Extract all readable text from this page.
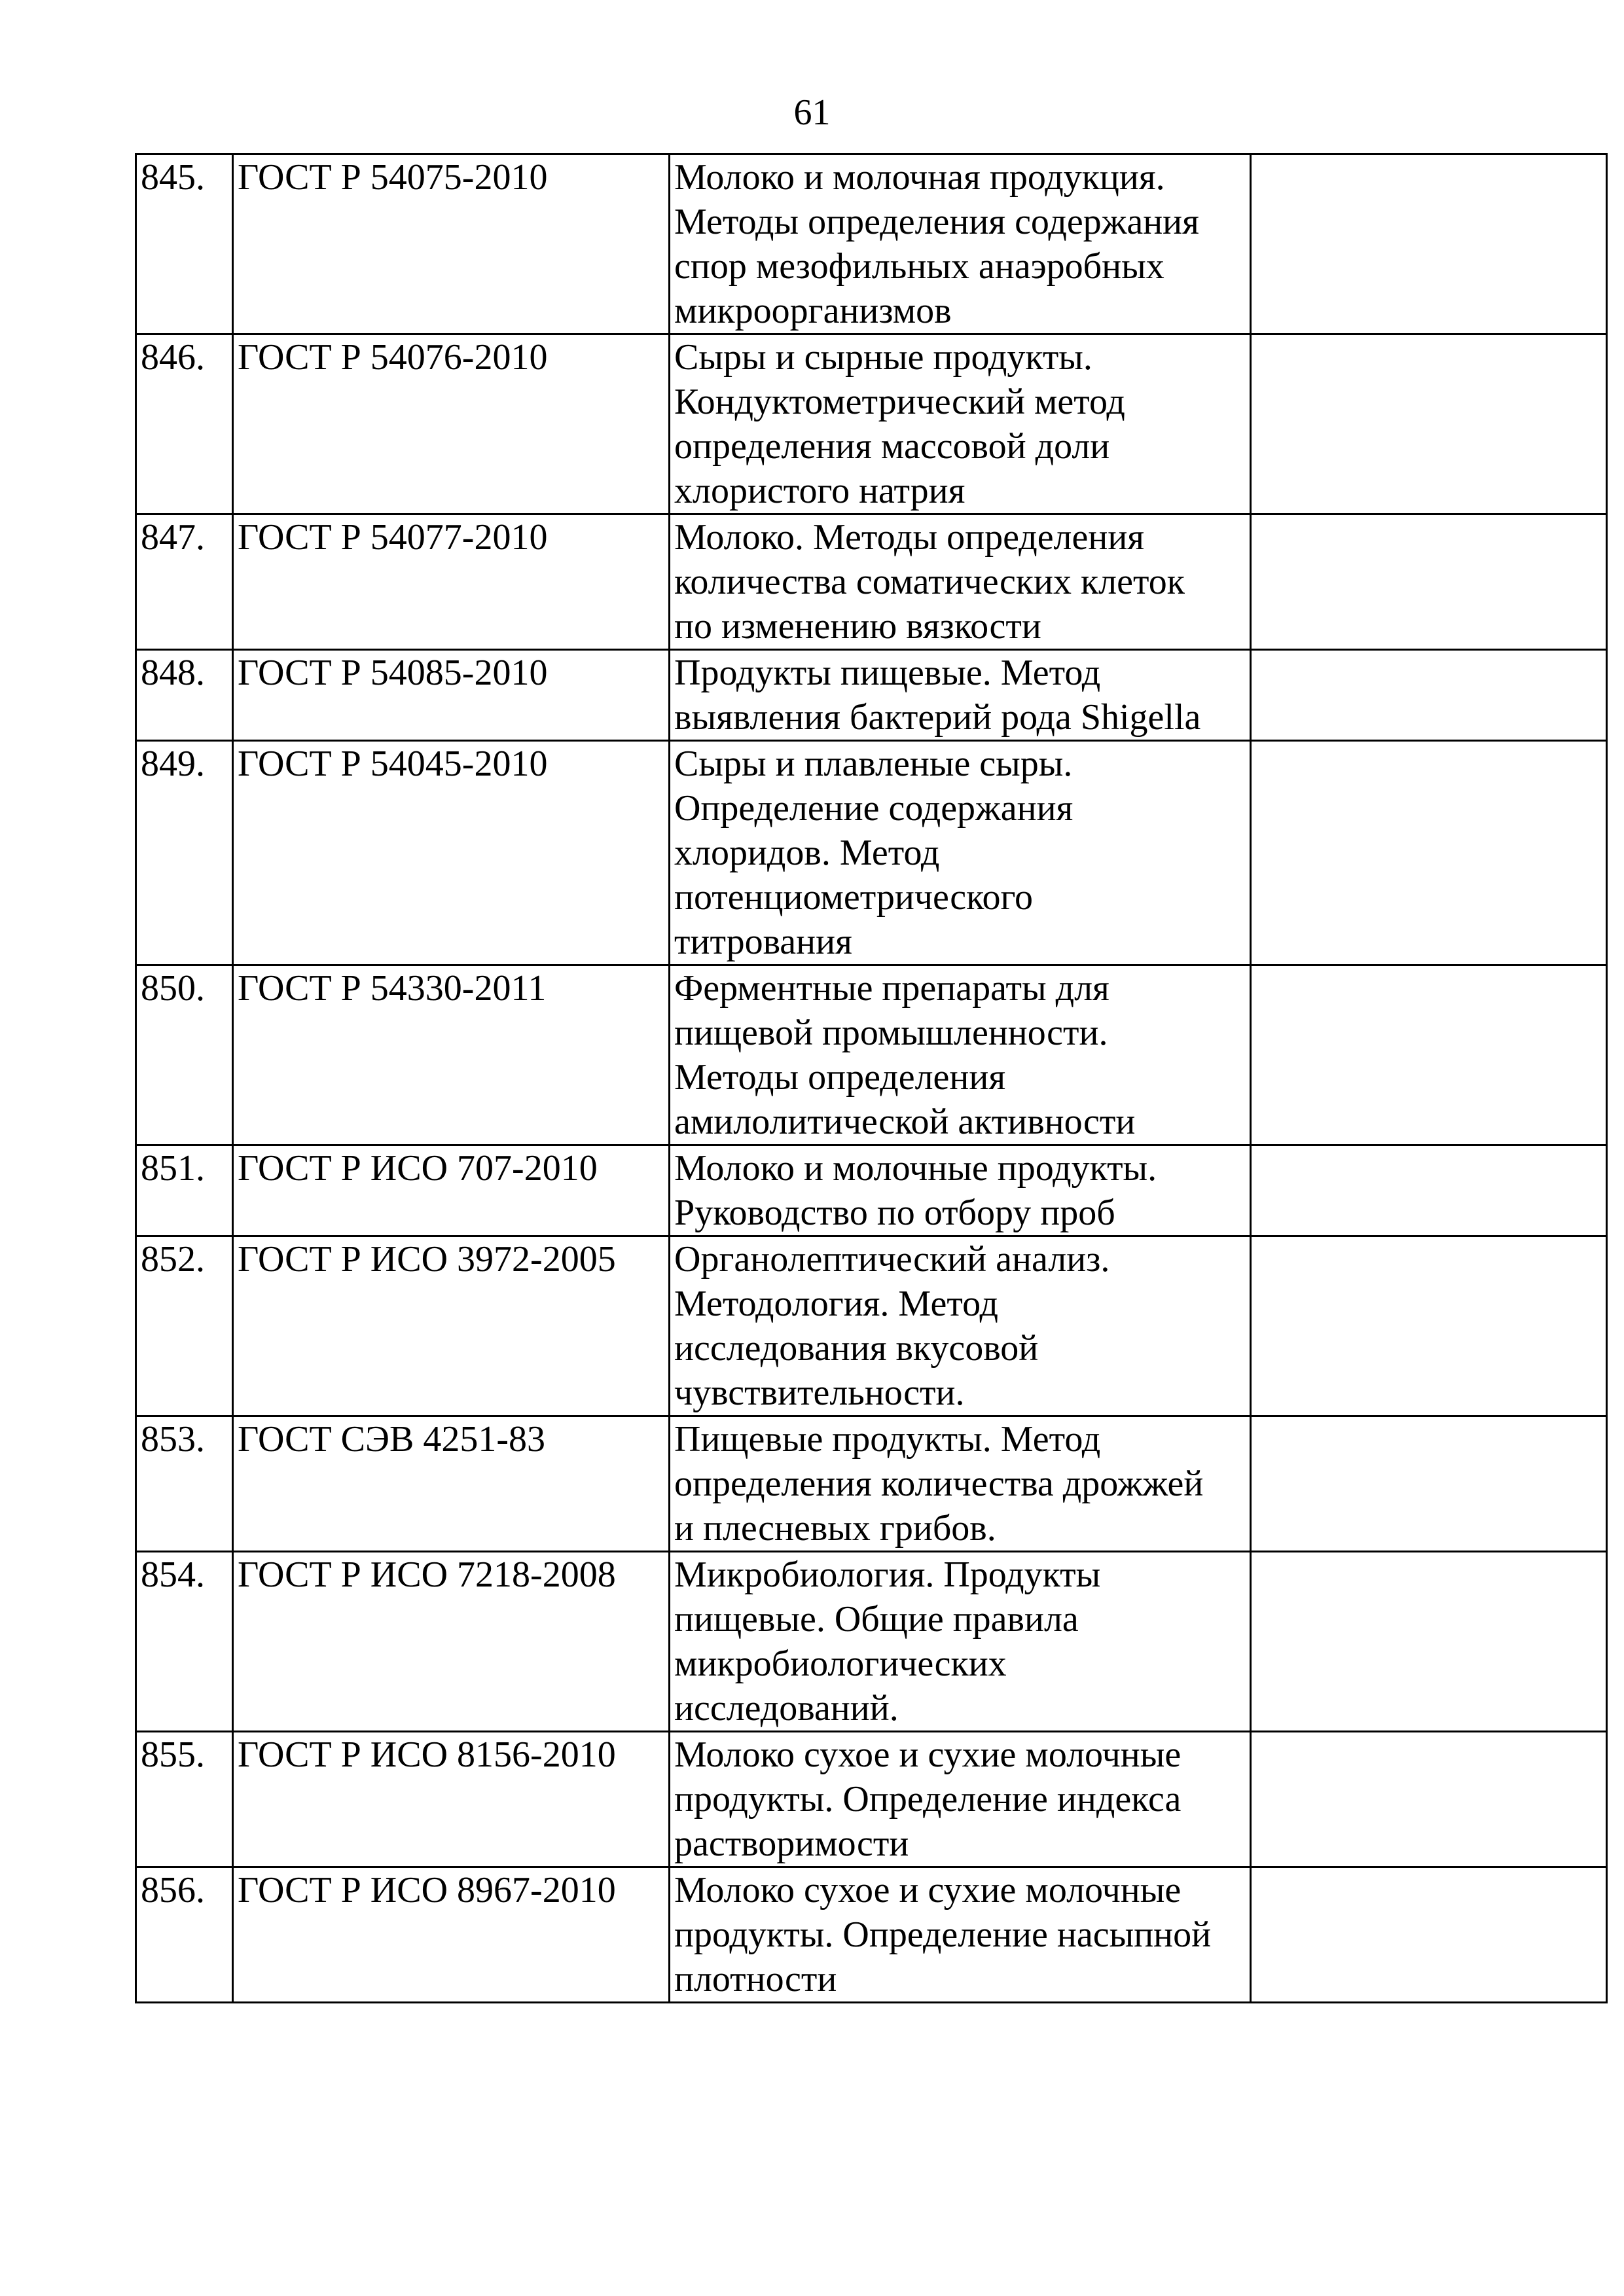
61
845.	ГОСТ Р 54075-2010	Молоко и молочная продукция.
Методы определения содержания
спор мезофильных анаэробных
микроорганизмов	
846.	ГОСТ Р 54076-2010	Сыры и сырные продукты.
Кондуктометрический метод
определения массовой доли
хлористого натрия	
847.	ГОСТ Р 54077-2010	Молоко. Методы определения
количества соматических клеток
по изменению вязкости	
848.	ГОСТ Р 54085-2010	Продукты пищевые. Метод
выявления бактерий рода Shigella	
849.	ГОСТ Р 54045-2010	Сыры и плавленые сыры.
Определение содержания
хлоридов. Метод
потенциометрического
титрования	
850.	ГОСТ Р 54330-2011	Ферментные препараты для
пищевой промышленности.
Методы определения
амилолитической активности	
851.	ГОСТ Р ИСО 707-2010	Молоко и молочные продукты.
Руководство по отбору проб	
852.	ГОСТ Р ИСО 3972-2005	Органолептический анализ.
Методология. Метод
исследования вкусовой
чувствительности.	
853.	ГОСТ СЭВ 4251-83	Пищевые продукты. Метод
определения количества дрожжей
и плесневых грибов.	
854.	ГОСТ Р ИСО 7218-2008	Микробиология. Продукты
пищевые. Общие правила
микробиологических
исследований.	
855.	ГОСТ Р ИСО 8156-2010	Молоко сухое и сухие молочные
продукты. Определение индекса
растворимости	
856.	ГОСТ Р ИСО 8967-2010	Молоко сухое и сухие молочные
продукты. Определение насыпной
плотности	
